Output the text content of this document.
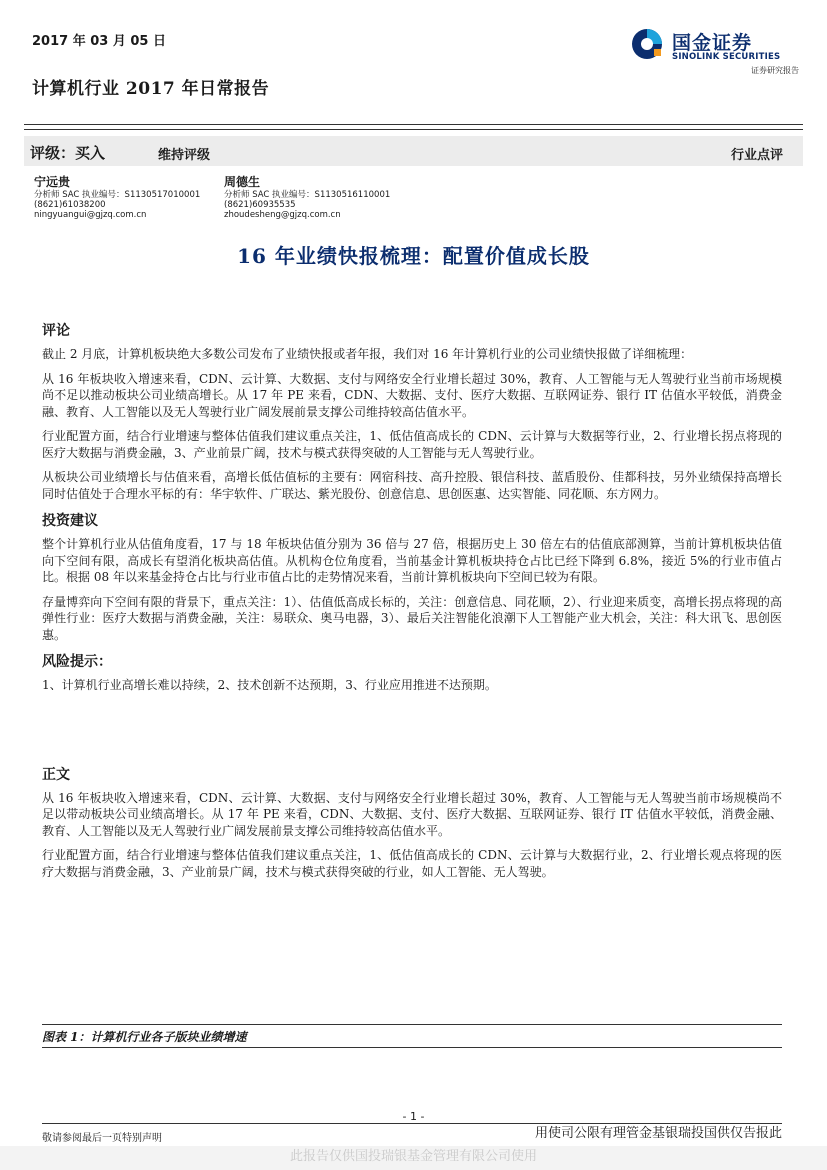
2017 年 03 月 05 日	国金证券
SINOLINK SECURITIES
证券研究报告
计算机行业 2017 年日常报告
评级：买入	维持评级	行业点评
宁远贵
分析师 SAC 执业编号：S1130517010001
(8621)61038200
ningyuangui@gjzq.com.cn
周德生
分析师 SAC 执业编号：S1130516110001
(8621)60935535
zhoudesheng@gjzq.com.cn
16 年业绩快报梳理：配置价值成长股
评论

截止 2 月底，计算机板块绝大多数公司发布了业绩快报或者年报，我们对 16 年计算机行业的公司业绩快报做了详细梳理：

从 16 年板块收入增速来看，CDN、云计算、大数据、支付与网络安全行业增长超过 30%，教育、人工智能与无人驾驶行业当前市场规模尚不足以推动板块公司业绩高增长。从 17 年 PE 来看，CDN、大数据、支付、医疗大数据、互联网证券、银行 IT 估值水平较低，消费金融、教育、人工智能以及无人驾驶行业广阔发展前景支撑公司维持较高估值水平。

行业配置方面，结合行业增速与整体估值我们建议重点关注，1、低估值高成长的 CDN、云计算与大数据等行业，2、行业增长拐点将现的医疗大数据与消费金融，3、产业前景广阔，技术与模式获得突破的人工智能与无人驾驶行业。

从板块公司业绩增长与估值来看，高增长低估值标的主要有：网宿科技、高升控股、银信科技、蓝盾股份、佳都科技，另外业绩保持高增长同时估值处于合理水平标的有：华宇软件、广联达、紫光股份、创意信息、思创医惠、达实智能、同花顺、东方网力。

投资建议

整个计算机行业从估值角度看，17 与 18 年板块估值分别为 36 倍与 27 倍，根据历史上 30 倍左右的估值底部测算，当前计算机板块估值向下空间有限，高成长有望消化板块高估值。从机构仓位角度看，当前基金计算机板块持仓占比已经下降到 6.8%，接近 5%的行业市值占比。根据 08 年以来基金持仓占比与行业市值占比的走势情况来看，当前计算机板块向下空间已较为有限。

存量博弈向下空间有限的背景下，重点关注：1）、估值低高成长标的，关注：创意信息、同花顺，2）、行业迎来质变，高增长拐点将现的高弹性行业：医疗大数据与消费金融，关注：易联众、奥马电器，3）、最后关注智能化浪潮下人工智能产业大机会，关注：科大讯飞、思创医惠。

风险提示：

1、计算机行业高增长难以持续，2、技术创新不达预期，3、行业应用推进不达预期。

正文

从 16 年板块收入增速来看，CDN、云计算、大数据、支付与网络安全行业增长超过 30%，教育、人工智能与无人驾驶当前市场规模尚不足以带动板块公司业绩高增长。从 17 年 PE 来看，CDN、大数据、支付、医疗大数据、互联网证券、银行 IT 估值水平较低，消费金融、教育、人工智能以及无人驾驶行业广阔发展前景支撑公司维持较高估值水平。

行业配置方面，结合行业增速与整体估值我们建议重点关注，1、低估值高成长的 CDN、云计算与大数据行业，2、行业增长观点将现的医疗大数据与消费金融，3、产业前景广阔，技术与模式获得突破的行业，如人工智能、无人驾驶。

图表 1：计算机行业各子版块业绩增速
- 1 -
敬请参阅最后一页特别声明	用使司公限有理管金基银瑞投国供仅告报此
此报告仅供国投瑞银基金管理有限公司使用
